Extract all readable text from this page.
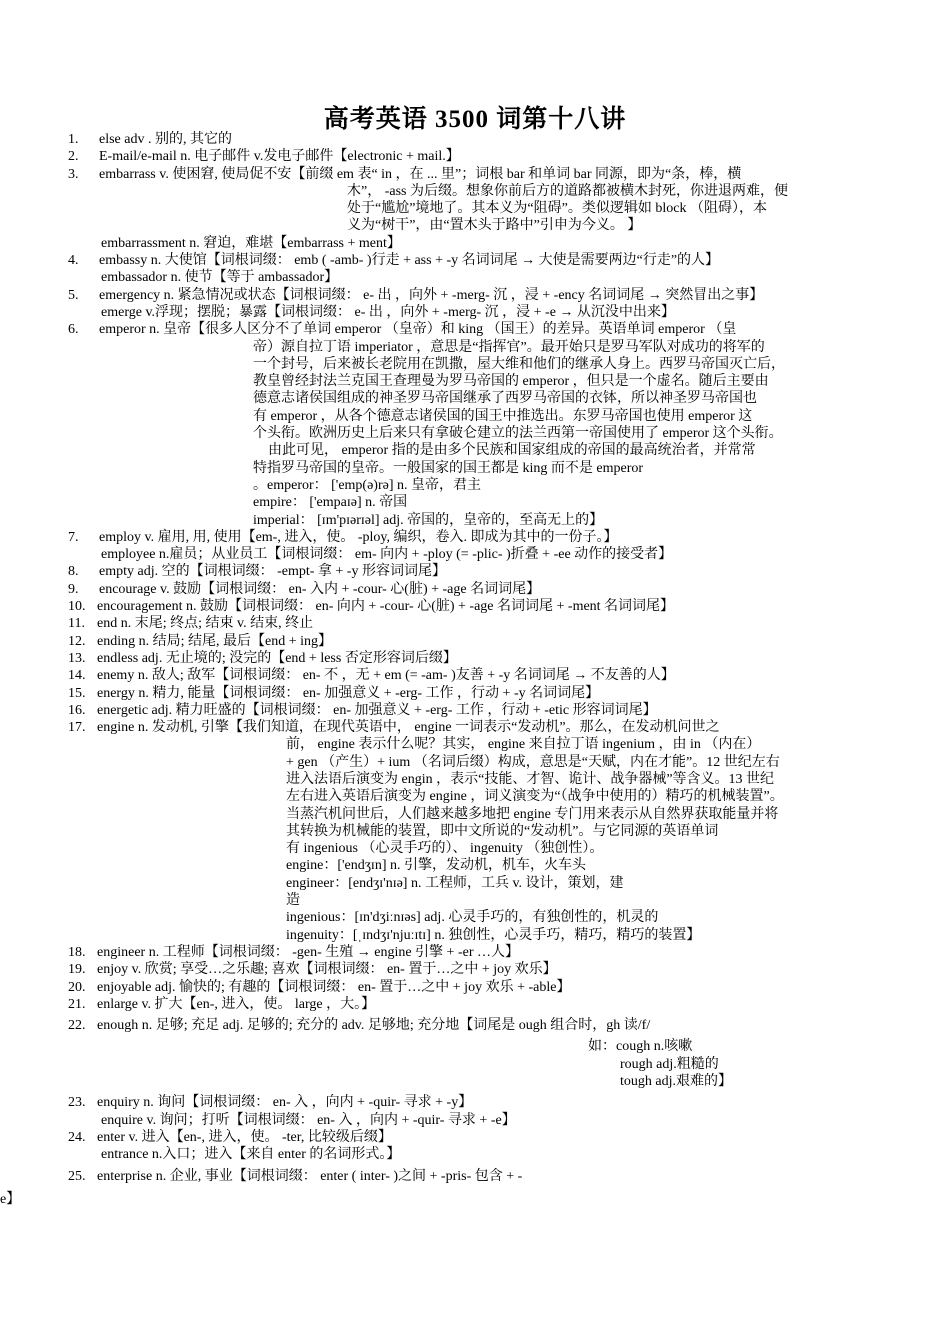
高考英语 3500 词第十八讲
1. else adv . 别的, 其它的
2. E-mail/e-mail n. 电子邮件 v.发电子邮件【electronic + mail.】
3. embarrass v. 使困窘, 使局促不安【前缀 em 表“ in ，在 ... 里”；词根 bar 和单词 bar 同源，即为“条，棒，横
木”， -ass 为后缀。想象你前后方的道路都被横木封死，你进退两难，便
处于“尴尬”境地了。其本义为“阻碍”。类似逻辑如 block （阻碍），本
义为“树干”，由“置木头于路中”引申为今义。 】
embarrassment n. 窘迫，难堪【embarrass + ment】
4. embassy n. 大使馆【词根词缀： emb ( -amb- )行走 + ass + -y 名词词尾 → 大使是需要两边“行走”的人】
embassador n. 使节【等于 ambassador】
5. emergency n. 紧急情况或状态【词根词缀： e- 出 ，向外 + -merg- 沉 ，浸 + -ency 名词词尾 → 突然冒出之事】
emerge v.浮现；摆脱；暴露【词根词缀： e- 出 ，向外 + -merg- 沉 ，浸 + -e → 从沉没中出来】
6. emperor n. 皇帝【很多人区分不了单词 emperor （皇帝）和 king （国王）的差异。英语单词 emperor （皇
帝）源自拉丁语 imperiator ，意思是“指挥官”。最开始只是罗马军队对成功的将军的
一个封号，后来被长老院用在凯撒，屋大维和他们的继承人身上。西罗马帝国灭亡后，
教皇曾经封法兰克国王查理曼为罗马帝国的 emperor ，但只是一个虚名。随后主要由
德意志诸侯国组成的神圣罗马帝国继承了西罗马帝国的衣钵，所以神圣罗马帝国也
有 emperor ，从各个德意志诸侯国的国王中推选出。东罗马帝国也使用 emperor 这
个头衔。欧洲历史上后来只有拿破仑建立的法兰西第一帝国使用了 emperor 这个头衔。
由此可见， emperor 指的是由多个民族和国家组成的帝国的最高统治者，并常常
特指罗马帝国的皇帝。一般国家的国王都是 king 而不是 emperor
。emperor： ['emp(ə)rə] n. 皇帝，君主
empire： ['empaɪə] n. 帝国
imperial： [ɪm'pɪərɪəl] adj. 帝国的，皇帝的，至高无上的】
7. employ v. 雇用, 用, 使用【em-, 进入，使。 -ploy, 编织，卷入. 即成为其中的一份子。】
employee n.雇员；从业员工【词根词缀： em- 向内 + -ploy (= -plic- )折叠 + -ee 动作的接受者】
8. empty adj. 空的【词根词缀： -empt- 拿 + -y 形容词词尾】
9. encourage v. 鼓励【词根词缀： en- 入内 + -cour- 心(脏) + -age 名词词尾】
10. encouragement n. 鼓励【词根词缀： en- 向内 + -cour- 心(脏) + -age 名词词尾 + -ment 名词词尾】
11. end n. 末尾; 终点; 结束 v. 结束, 终止
12. ending n. 结局; 结尾, 最后【end + ing】
13. endless adj. 无止境的; 没完的【end + less 否定形容词后缀】
14. enemy n. 敌人; 敌军【词根词缀： en- 不 ，无 + em (= -am- )友善 + -y 名词词尾 → 不友善的人】
15. energy n. 精力, 能量【词根词缀： en- 加强意义 + -erg- 工作 ，行动 + -y 名词词尾】
16. energetic adj. 精力旺盛的【词根词缀： en- 加强意义 + -erg- 工作 ，行动 + -etic 形容词词尾】
17. engine n. 发动机, 引擎【我们知道，在现代英语中， engine 一词表示“发动机”。那么，在发动机问世之
前， engine 表示什么呢？其实， engine 来自拉丁语 ingenium ，由 in （内在）
+ gen （产生）+ ium （名词后缀）构成，意思是“天赋，内在才能”。12 世纪左右
进入法语后演变为 engin ，表示“技能、才智、诡计、战争器械”等含义。13 世纪
左右进入英语后演变为 engine ，词义演变为“（战争中使用的）精巧的机械装置”。
当蒸汽机问世后，人们越来越多地把 engine 专门用来表示从自然界获取能量并将
其转换为机械能的装置，即中文所说的“发动机”。与它同源的英语单词
有 ingenious （心灵手巧的）、 ingenuity （独创性）。
engine：['endʒɪn] n. 引擎，发动机，机车，火车头
engineer：[endʒɪ'nɪə] n. 工程师，工兵 v. 设计，策划，建
造
ingenious：[ɪn'dʒiːnɪəs] adj. 心灵手巧的，有独创性的，机灵的
ingenuity：[ˌɪndʒɪ'njuːɪtɪ] n. 独创性，心灵手巧，精巧，精巧的装置】
18. engineer n. 工程师【词根词缀： -gen- 生殖 → engine 引擎 + -er …人】
19. enjoy v. 欣赏; 享受…之乐趣; 喜欢【词根词缀： en- 置于…之中 + joy 欢乐】
20. enjoyable adj. 愉快的; 有趣的【词根词缀： en- 置于…之中 + joy 欢乐 + -able】
21. enlarge v. 扩大【en-, 进入，使。 large ，大。】
22. enough n. 足够; 充足 adj. 足够的; 充分的 adv. 足够地; 充分地【词尾是 ough 组合时，gh 读/f/
如：cough n.咳嗽
rough adj.粗糙的
tough adj.艰难的】
23. enquiry n. 询问【词根词缀： en- 入 ，向内 + -quir- 寻求 + -y】
enquire v. 询问；打听【词根词缀： en- 入 ，向内 + -quir- 寻求 + -e】
24. enter v. 进入【en-, 进入，使。 -ter, 比较级后缀】
entrance n.入口；进入【来自 enter 的名词形式。】
25. enterprise n. 企业, 事业【词根词缀： enter ( inter- )之间 + -pris- 包含 + -
e】
